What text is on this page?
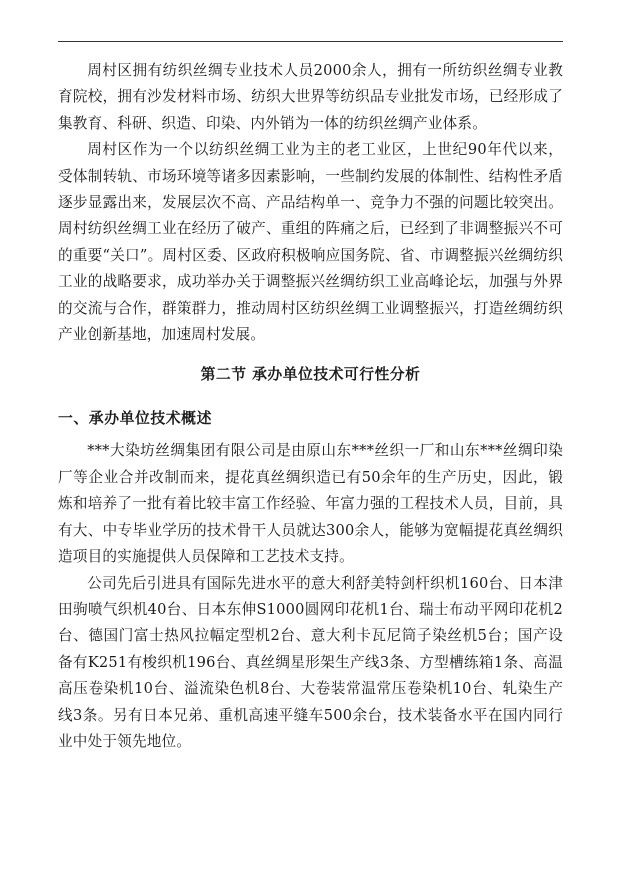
周村区拥有纺织丝绸专业技术人员2000余人，拥有一所纺织丝绸专业教育院校，拥有沙发材料市场、纺织大世界等纺织品专业批发市场，已经形成了集教育、科研、织造、印染、内外销为一体的纺织丝绸产业体系。

周村区作为一个以纺织丝绸工业为主的老工业区，上世纪90年代以来，受体制转轨、市场环境等诸多因素影响，一些制约发展的体制性、结构性矛盾逐步显露出来，发展层次不高、产品结构单一、竞争力不强的问题比较突出。周村纺织丝绸工业在经历了破产、重组的阵痛之后，已经到了非调整振兴不可的重要“关口”。周村区委、区政府积极响应国务院、省、市调整振兴丝绸纺织工业的战略要求，成功举办关于调整振兴丝绸纺织工业高峰论坛，加强与外界的交流与合作，群策群力，推动周村区纺织丝绸工业调整振兴，打造丝绸纺织产业创新基地，加速周村发展。

第二节 承办单位技术可行性分析
一、承办单位技术概述

***大染坊丝绸集团有限公司是由原山东***丝织一厂和山东***丝绸印染厂等企业合并改制而来，提花真丝绸织造已有50余年的生产历史，因此，锻炼和培养了一批有着比较丰富工作经验、年富力强的工程技术人员，目前，具有大、中专毕业学历的技术骨干人员就达300余人，能够为宽幅提花真丝绸织造项目的实施提供人员保障和工艺技术支持。

公司先后引进具有国际先进水平的意大利舒美特剑杆织机160台、日本津田驹喷气织机40台、日本东伸S1000圆网印花机1台、瑞士布动平网印花机2台、德国门富士热风拉幅定型机2台、意大利卡瓦尼筒子染丝机5台；国产设备有K251有梭织机196台、真丝绸星形架生产线3条、方型槽练箱1条、高温高压卷染机10台、溢流染色机8台、大卷装常温常压卷染机10台、轧染生产线3条。另有日本兄弟、重机高速平缝车500余台，技术装备水平在国内同行业中处于领先地位。
